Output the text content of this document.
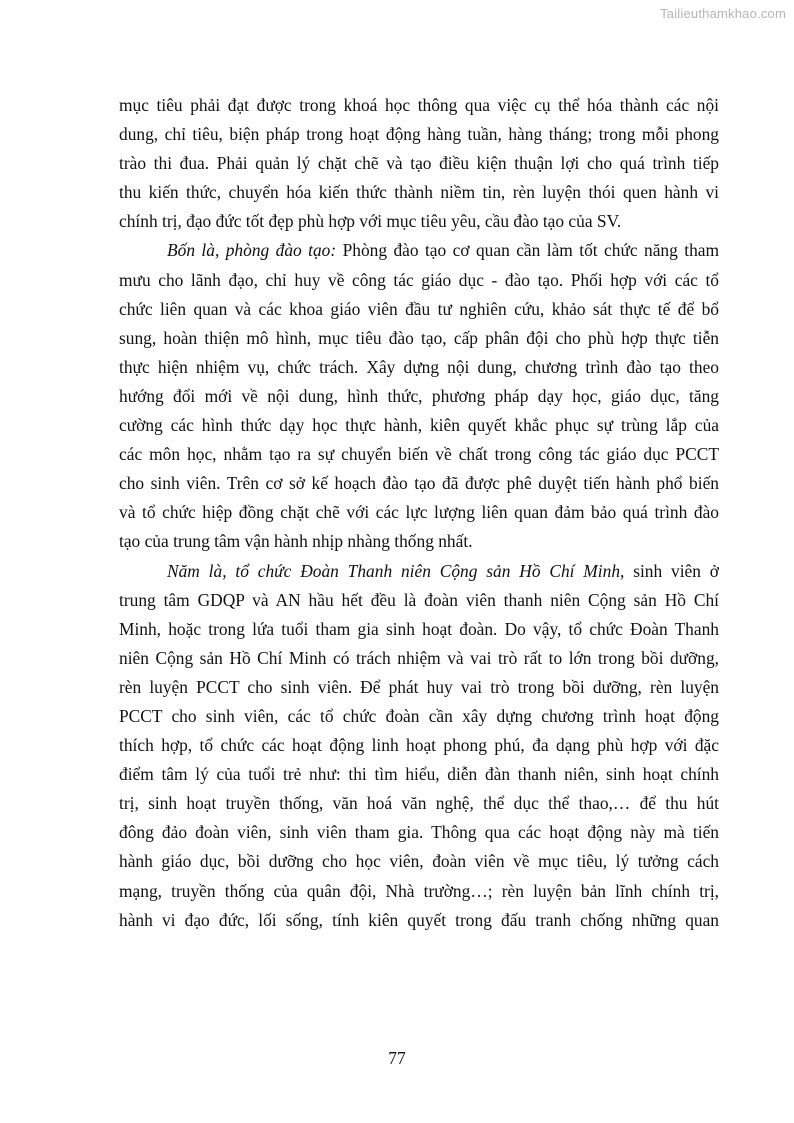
Tailieuthamkhao.com
mục tiêu phải đạt được trong khoá học thông qua việc cụ thể hóa thành các nội
dung, chỉ tiêu, biện pháp trong hoạt động hàng tuần, hàng tháng; trong mỗi phong
trào thi đua. Phải quản lý chặt chẽ và tạo điều kiện thuận lợi cho quá trình tiếp
thu kiến thức, chuyển hóa kiến thức thành niềm tin, rèn luyện thói quen hành vi
chính trị, đạo đức tốt đẹp phù hợp với mục tiêu yêu, cầu đào tạo của SV.
Bốn là, phòng đào tạo: Phòng đào tạo cơ quan cần làm tốt chức năng tham
mưu cho lãnh đạo, chỉ huy về công tác giáo dục - đào tạo. Phối hợp với các tổ
chức liên quan và các khoa giáo viên đầu tư nghiên cứu, khảo sát thực tế để bổ
sung, hoàn thiện mô hình, mục tiêu đào tạo, cấp phân đội cho phù hợp thực tiễn
thực hiện nhiệm vụ, chức trách. Xây dựng nội dung, chương trình đào tạo theo
hướng đổi mới về nội dung, hình thức, phương pháp dạy học, giáo dục, tăng
cường các hình thức dạy học thực hành, kiên quyết khắc phục sự trùng lắp của
các môn học, nhằm tạo ra sự chuyển biến về chất trong công tác giáo dục PCCT
cho sinh viên. Trên cơ sở kế hoạch đào tạo đã được phê duyệt tiến hành phổ biến
và tổ chức hiệp đồng chặt chẽ với các lực lượng liên quan đảm bảo quá trình đào
tạo của trung tâm vận hành nhịp nhàng thống nhất.
Năm là, tổ chức Đoàn Thanh niên Cộng sản Hồ Chí Minh, sinh viên ở
trung tâm GDQP và AN hầu hết đều là đoàn viên thanh niên Cộng sản Hồ Chí
Minh, hoặc trong lứa tuổi tham gia sinh hoạt đoàn. Do vậy, tổ chức Đoàn Thanh
niên Cộng sản Hồ Chí Minh có trách nhiệm và vai trò rất to lớn trong bồi dưỡng,
rèn luyện PCCT cho sinh viên. Để phát huy vai trò trong bồi dưỡng, rèn luyện
PCCT cho sinh viên, các tổ chức đoàn cần xây dựng chương trình hoạt động
thích hợp, tổ chức các hoạt động linh hoạt phong phú, đa dạng phù hợp với đặc
điểm tâm lý của tuổi trẻ như: thi tìm hiểu, diễn đàn thanh niên, sinh hoạt chính
trị, sinh hoạt truyền thống, văn hoá văn nghệ, thể dục thể thao,… để thu hút
đông đảo đoàn viên, sinh viên tham gia. Thông qua các hoạt động này mà tiến
hành giáo dục, bồi dưỡng cho học viên, đoàn viên về mục tiêu, lý tưởng cách
mạng, truyền thống của quân đội, Nhà trường…; rèn luyện bản lĩnh chính trị,
hành vi đạo đức, lối sống, tính kiên quyết trong đấu tranh chống những quan
77
